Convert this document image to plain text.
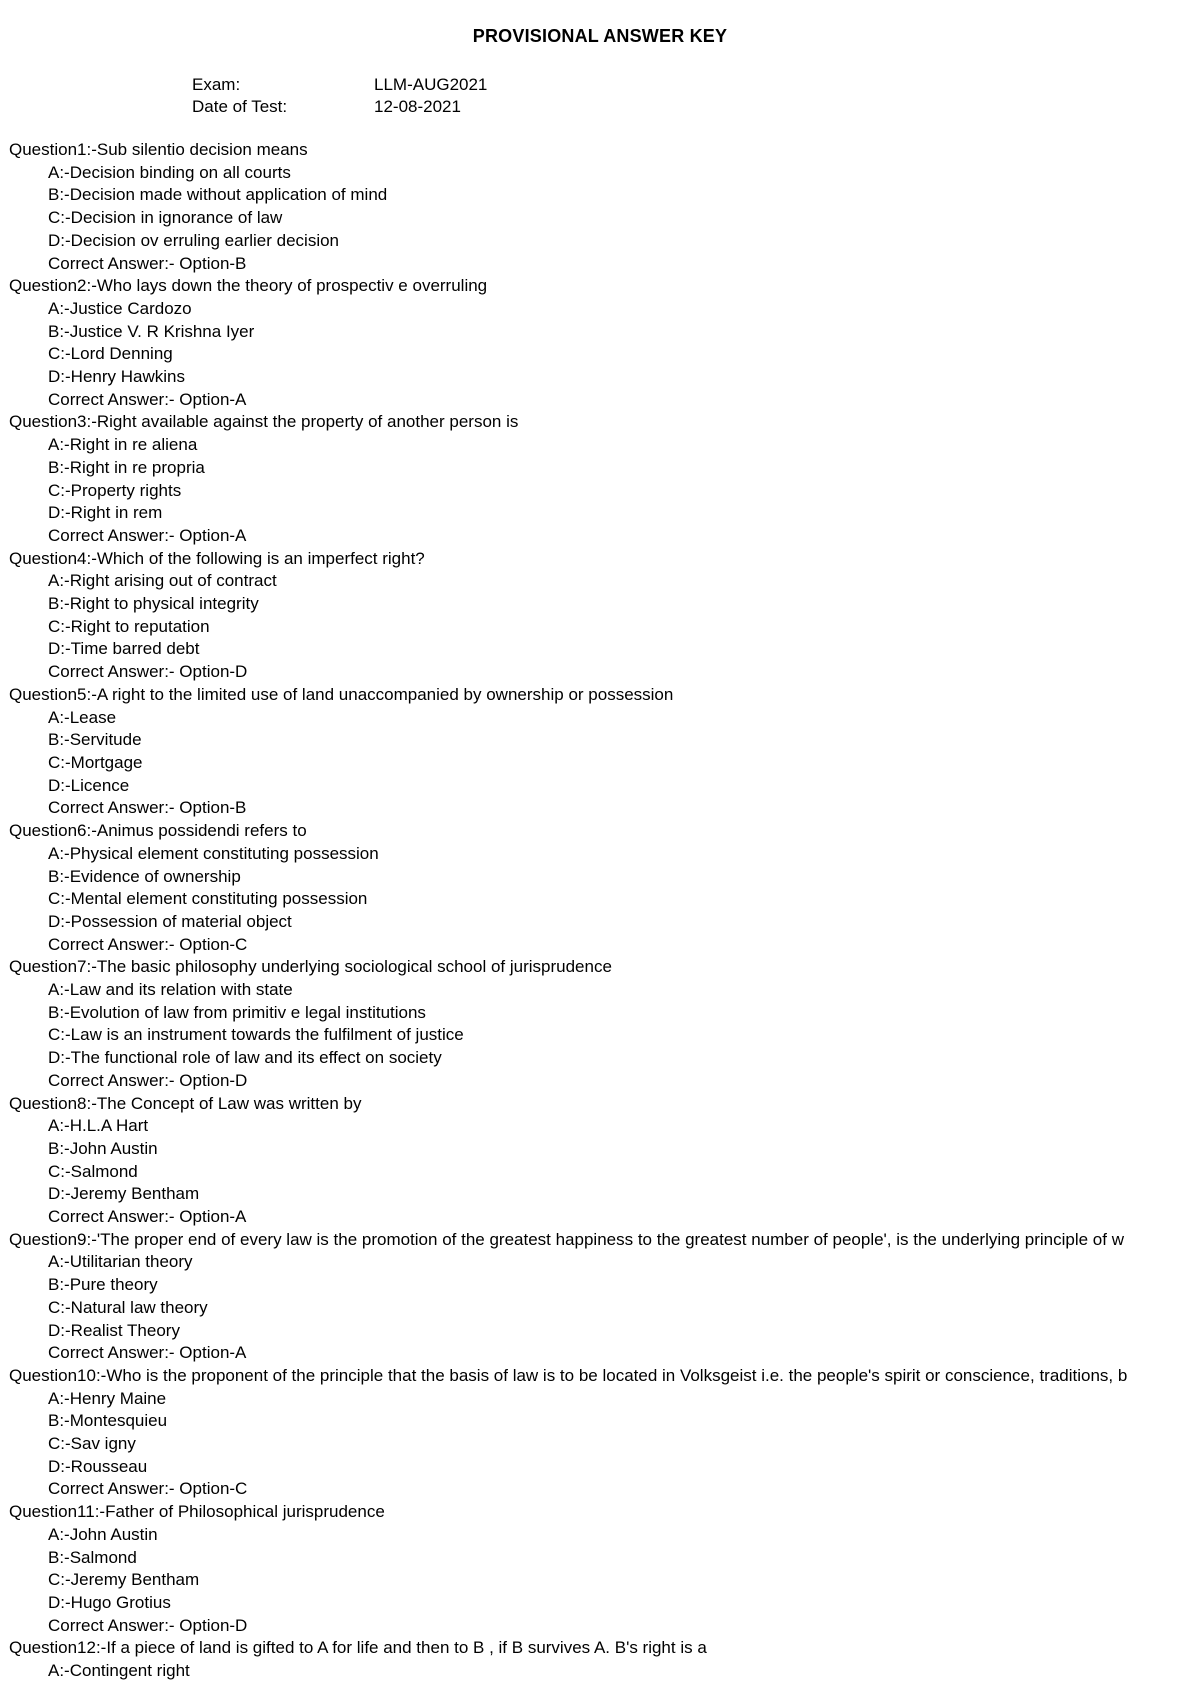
PROVISIONAL ANSWER KEY
Exam:	LLM-AUG2021
Date of Test:	12-08-2021
Question1:-Sub silentio decision means
A:-Decision binding on all courts
B:-Decision made without application of mind
C:-Decision in ignorance of law
D:-Decision ov erruling earlier decision
Correct Answer:- Option-B
Question2:-Who lays down the theory of prospectiv e overruling
A:-Justice Cardozo
B:-Justice V. R Krishna Iyer
C:-Lord Denning
D:-Henry Hawkins
Correct Answer:- Option-A
Question3:-Right available against the property of another person is
A:-Right in re aliena
B:-Right in re propria
C:-Property rights
D:-Right in rem
Correct Answer:- Option-A
Question4:-Which of the following is an imperfect right?
A:-Right arising out of contract
B:-Right to physical integrity
C:-Right to reputation
D:-Time barred debt
Correct Answer:- Option-D
Question5:-A right to the limited use of land unaccompanied by ownership or possession
A:-Lease
B:-Servitude
C:-Mortgage
D:-Licence
Correct Answer:- Option-B
Question6:-Animus possidendi refers to
A:-Physical element constituting possession
B:-Evidence of ownership
C:-Mental element constituting possession
D:-Possession of material object
Correct Answer:- Option-C
Question7:-The basic philosophy underlying sociological school of jurisprudence
A:-Law and its relation with state
B:-Evolution of law from primitiv e legal institutions
C:-Law is an instrument towards the fulfilment of justice
D:-The functional role of law and its effect on society
Correct Answer:- Option-D
Question8:-The Concept of Law was written by
A:-H.L.A Hart
B:-John Austin
C:-Salmond
D:-Jeremy Bentham
Correct Answer:- Option-A
Question9:-'The proper end of every law is the promotion of the greatest happiness to the greatest number of people', is the underlying principle of w
A:-Utilitarian theory
B:-Pure theory
C:-Natural law theory
D:-Realist Theory
Correct Answer:- Option-A
Question10:-Who is the proponent of the principle that the basis of law is to be located in Volksgeist i.e. the people's spirit or conscience, traditions, b
A:-Henry Maine
B:-Montesquieu
C:-Sav igny
D:-Rousseau
Correct Answer:- Option-C
Question11:-Father of Philosophical jurisprudence
A:-John Austin
B:-Salmond
C:-Jeremy Bentham
D:-Hugo Grotius
Correct Answer:- Option-D
Question12:-If a piece of land is gifted to A for life and then to B , if B survives A. B's right is a
A:-Contingent right
